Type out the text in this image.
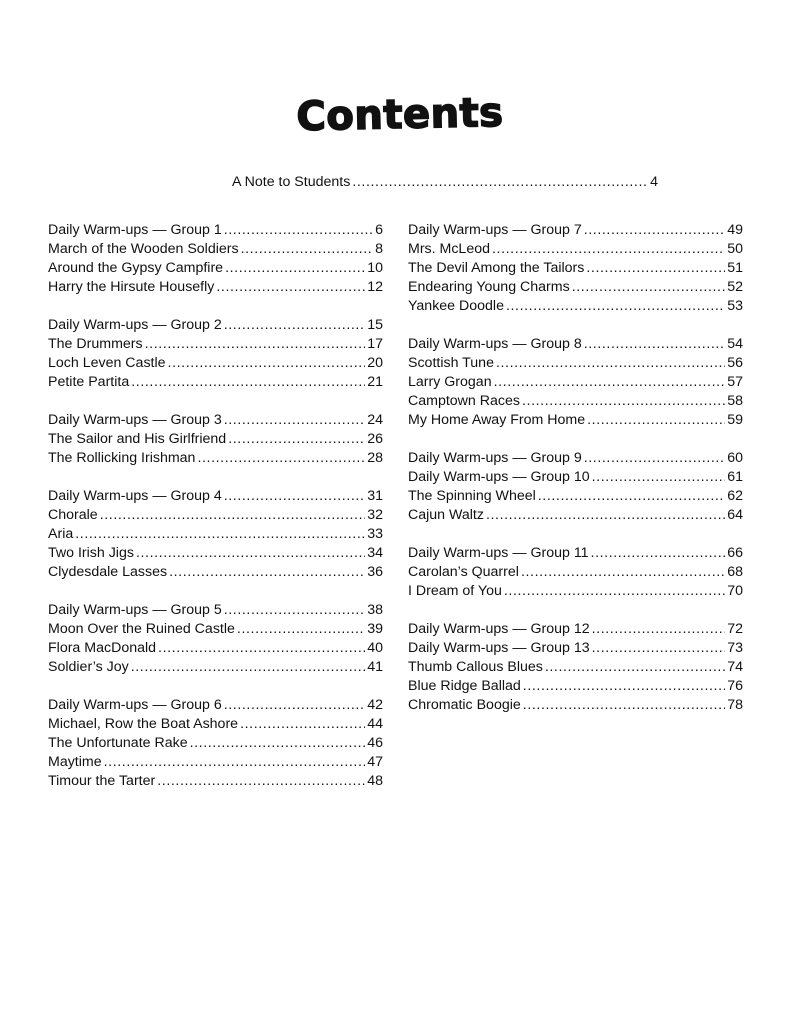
Contents
A Note to Students .....	4
Daily Warm-ups — Group 1 .....	6
March of the Wooden Soldiers .....	8
Around the Gypsy Campfire .....	10
Harry the Hirsute Housefly .....	12
Daily Warm-ups — Group 2 .....	15
The Drummers .....	17
Loch Leven Castle .....	20
Petite Partita .....	21
Daily Warm-ups — Group 3 .....	24
The Sailor and His Girlfriend .....	26
The Rollicking Irishman .....	28
Daily Warm-ups — Group 4 .....	31
Chorale .....	32
Aria .....	33
Two Irish Jigs .....	34
Clydesdale Lasses .....	36
Daily Warm-ups — Group 5 .....	38
Moon Over the Ruined Castle .....	39
Flora MacDonald .....	40
Soldier’s Joy .....	41
Daily Warm-ups — Group 6 .....	42
Michael, Row the Boat Ashore .....	44
The Unfortunate Rake .....	46
Maytime .....	47
Timour the Tarter .....	48
Daily Warm-ups — Group 7 .....	49
Mrs. McLeod .....	50
The Devil Among the Tailors .....	51
Endearing Young Charms .....	52
Yankee Doodle .....	53
Daily Warm-ups — Group 8 .....	54
Scottish Tune .....	56
Larry Grogan .....	57
Camptown Races .....	58
My Home Away From Home .....	59
Daily Warm-ups — Group 9 .....	60
Daily Warm-ups — Group 10 .....	61
The Spinning Wheel .....	62
Cajun Waltz .....	64
Daily Warm-ups — Group 11 .....	66
Carolan’s Quarrel .....	68
I Dream of You .....	70
Daily Warm-ups — Group 12 .....	72
Daily Warm-ups — Group 13 .....	73
Thumb Callous Blues .....	74
Blue Ridge Ballad .....	76
Chromatic Boogie .....	78
